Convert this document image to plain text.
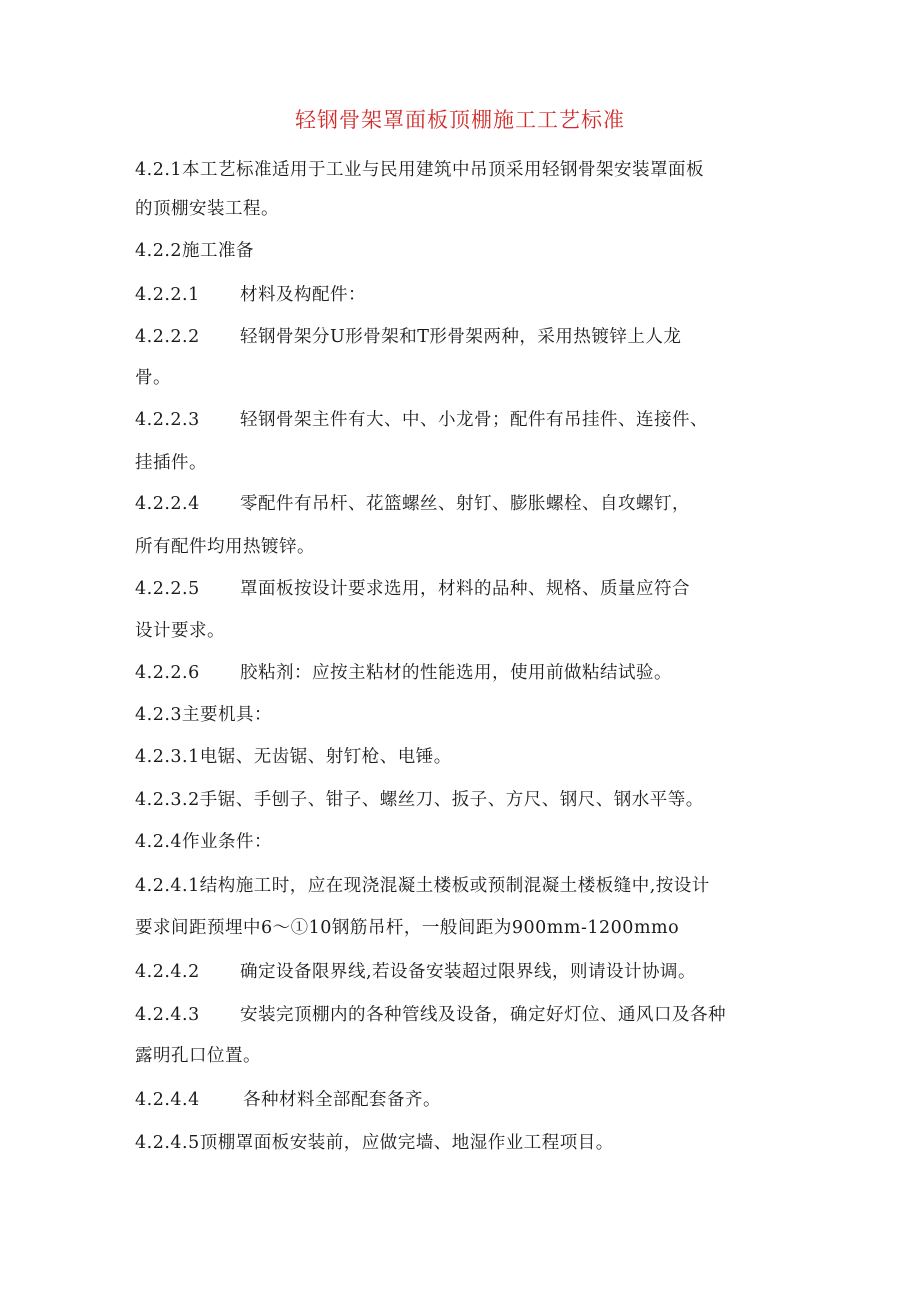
轻钢骨架罩面板顶棚施工工艺标准
4.2.1本工艺标准适用于工业与民用建筑中吊顶采用轻钢骨架安装罩面板
的顶棚安装工程。
4.2.2施工准备
4.2.2.1 材料及构配件：
4.2.2.2 轻钢骨架分U形骨架和T形骨架两种，采用热镀锌上人龙
骨。
4.2.2.3 轻钢骨架主件有大、中、小龙骨；配件有吊挂件、连接件、
挂插件。
4.2.2.4 零配件有吊杆、花篮螺丝、射钉、膨胀螺栓、自攻螺钉，
所有配件均用热镀锌。
4.2.2.5 罩面板按设计要求选用，材料的品种、规格、质量应符合
设计要求。
4.2.2.6 胶粘剂：应按主粘材的性能选用，使用前做粘结试验。
4.2.3主要机具：
4.2.3.1电锯、无齿锯、射钉枪、电锤。
4.2.3.2手锯、手刨子、钳子、螺丝刀、扳子、方尺、钢尺、钢水平等。
4.2.4作业条件：
4.2.4.1结构施工时，应在现浇混凝土楼板或预制混凝土楼板缝中,按设计
要求间距预埋中6～①10钢筋吊杆，一般间距为900mm-1200mmo
4.2.4.2 确定设备限界线,若设备安装超过限界线，则请设计协调。
4.2.4.3 安装完顶棚内的各种管线及设备，确定好灯位、通风口及各种
露明孔口位置。
4.2.4.4 各种材料全部配套备齐。
4.2.4.5顶棚罩面板安装前，应做完墙、地湿作业工程项目。
